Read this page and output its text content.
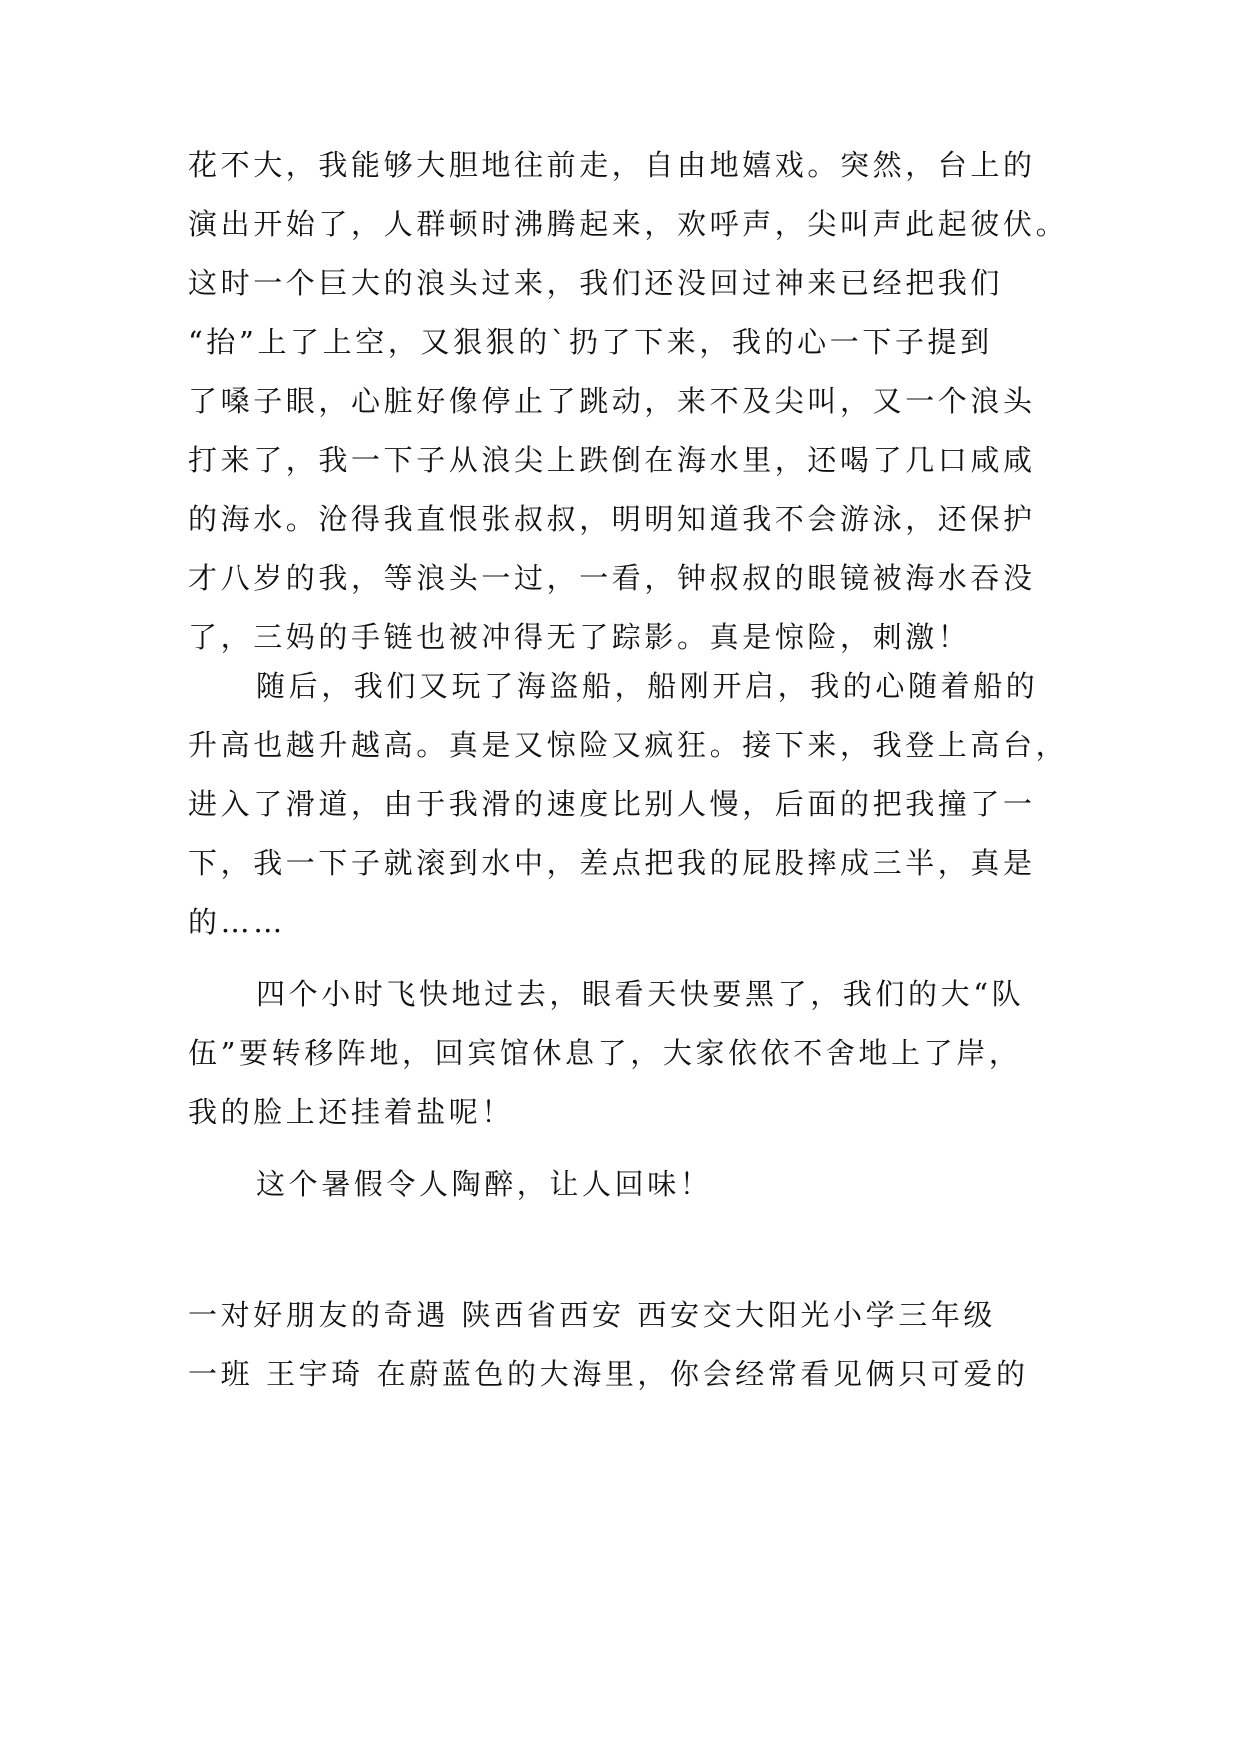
花不大，我能够大胆地往前走，自由地嬉戏。突然，台上的
演出开始了，人群顿时沸腾起来，欢呼声，尖叫声此起彼伏。
这时一个巨大的浪头过来，我们还没回过神来已经把我们
“抬”上了上空，又狠狠的`扔了下来，我的心一下子提到
了嗓子眼，心脏好像停止了跳动，来不及尖叫，又一个浪头
打来了，我一下子从浪尖上跌倒在海水里，还喝了几口咸咸
的海水。沧得我直恨张叔叔，明明知道我不会游泳，还保护
才八岁的我，等浪头一过，一看，钟叔叔的眼镜被海水吞没
了，三妈的手链也被冲得无了踪影。真是惊险，刺激！
随后，我们又玩了海盗船，船刚开启，我的心随着船的
升高也越升越高。真是又惊险又疯狂。接下来，我登上高台，
进入了滑道，由于我滑的速度比别人慢，后面的把我撞了一
下，我一下子就滚到水中，差点把我的屁股摔成三半，真是
的……
四个小时飞快地过去，眼看天快要黑了，我们的大“队
伍”要转移阵地，回宾馆休息了，大家依依不舍地上了岸，
我的脸上还挂着盐呢！
这个暑假令人陶醉，让人回味！
一对好朋友的奇遇 陕西省西安 西安交大阳光小学三年级
一班 王宇琦 在蔚蓝色的大海里，你会经常看见俩只可爱的
